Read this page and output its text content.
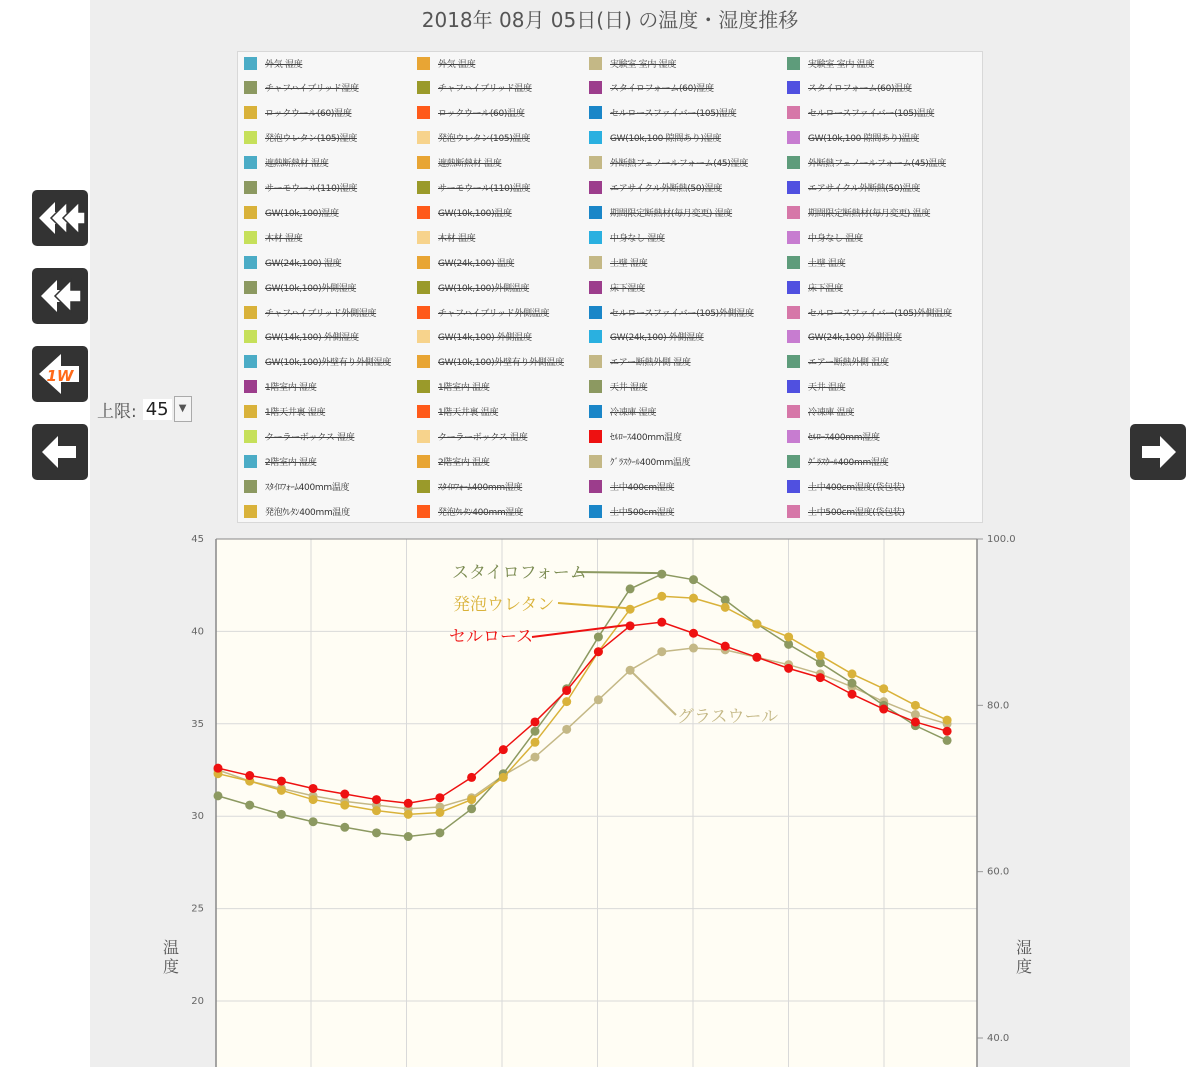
2018年 08月 05日(日) の温度・湿度推移
1W
上限: 45	▼
外気 湿度	外気 温度	実験室 室内 湿度	実験室 室内 温度
チャフハイブリッド湿度	チャフハイブリッド温度	スタイロフォーム(60)湿度	スタイロフォーム(60)温度
ロックウール(60)湿度	ロックウール(60)温度	セルロースファイバー(105)湿度	セルロースファイバー(105)温度
発泡ウレタン(105)湿度	発泡ウレタン(105)温度	GW(10k,100 隙間あり)湿度	GW(10k,100 隙間あり)温度
遮熱断熱材 湿度	遮熱断熱材 温度	外断熱フェノールフォーム(45)湿度	外断熱フェノールフォーム(45)温度
サーモウール(110)湿度	サーモウール(110)温度	エアサイクル外断熱(50)湿度	エアサイクル外断熱(50)温度
GW(10k,100)湿度	GW(10k,100)温度	期間限定断熱材(毎月変更) 湿度	期間限定断熱材(毎月変更) 温度
木材 湿度	木材 温度	中身なし 湿度	中身なし 温度
GW(24k,100) 湿度	GW(24k,100) 温度	土壁 湿度	土壁 温度
GW(10k,100)外側湿度	GW(10k,100)外側温度	床下湿度	床下温度
チャフハイブリッド外側湿度	チャフハイブリッド外側温度	セルロースファイバー(105)外側湿度	セルロースファイバー(105)外側温度
GW(14k,100) 外側湿度	GW(14k,100) 外側温度	GW(24k,100) 外側湿度	GW(24k,100) 外側温度
GW(10k,100)外壁有り外側湿度	GW(10k,100)外壁有り外側温度	エアー断熱外側 湿度	エアー断熱外側 温度
1階室内 湿度	1階室内 温度	天井 湿度	天井 温度
1階天井裏 湿度	1階天井裏 温度	冷凍庫 湿度	冷凍庫 温度
クーラーボックス 湿度	クーラーボックス 温度	ｾﾙﾛｰｽ400mm温度	ｾﾙﾛｰｽ400mm湿度
2階室内 湿度	2階室内 温度	ｸﾞﾗｽｳｰﾙ400mm温度	ｸﾞﾗｽｳｰﾙ400mm湿度
ｽﾀｲﾛﾌｫｰﾑ400mm温度	ｽﾀｲﾛﾌｫｰﾑ400mm湿度	土中400cm湿度	土中400cm湿度(袋包装)
発泡ｳﾚﾀﾝ400mm温度	発泡ｳﾚﾀﾝ400mm湿度	土中500cm湿度	土中500cm湿度(袋包装)
20
25
30
35
40
45
40.0
60.0
80.0
100.0
スタイロフォーム
発泡ウレタン
セルロース
グラスウール
温
度
湿
度
